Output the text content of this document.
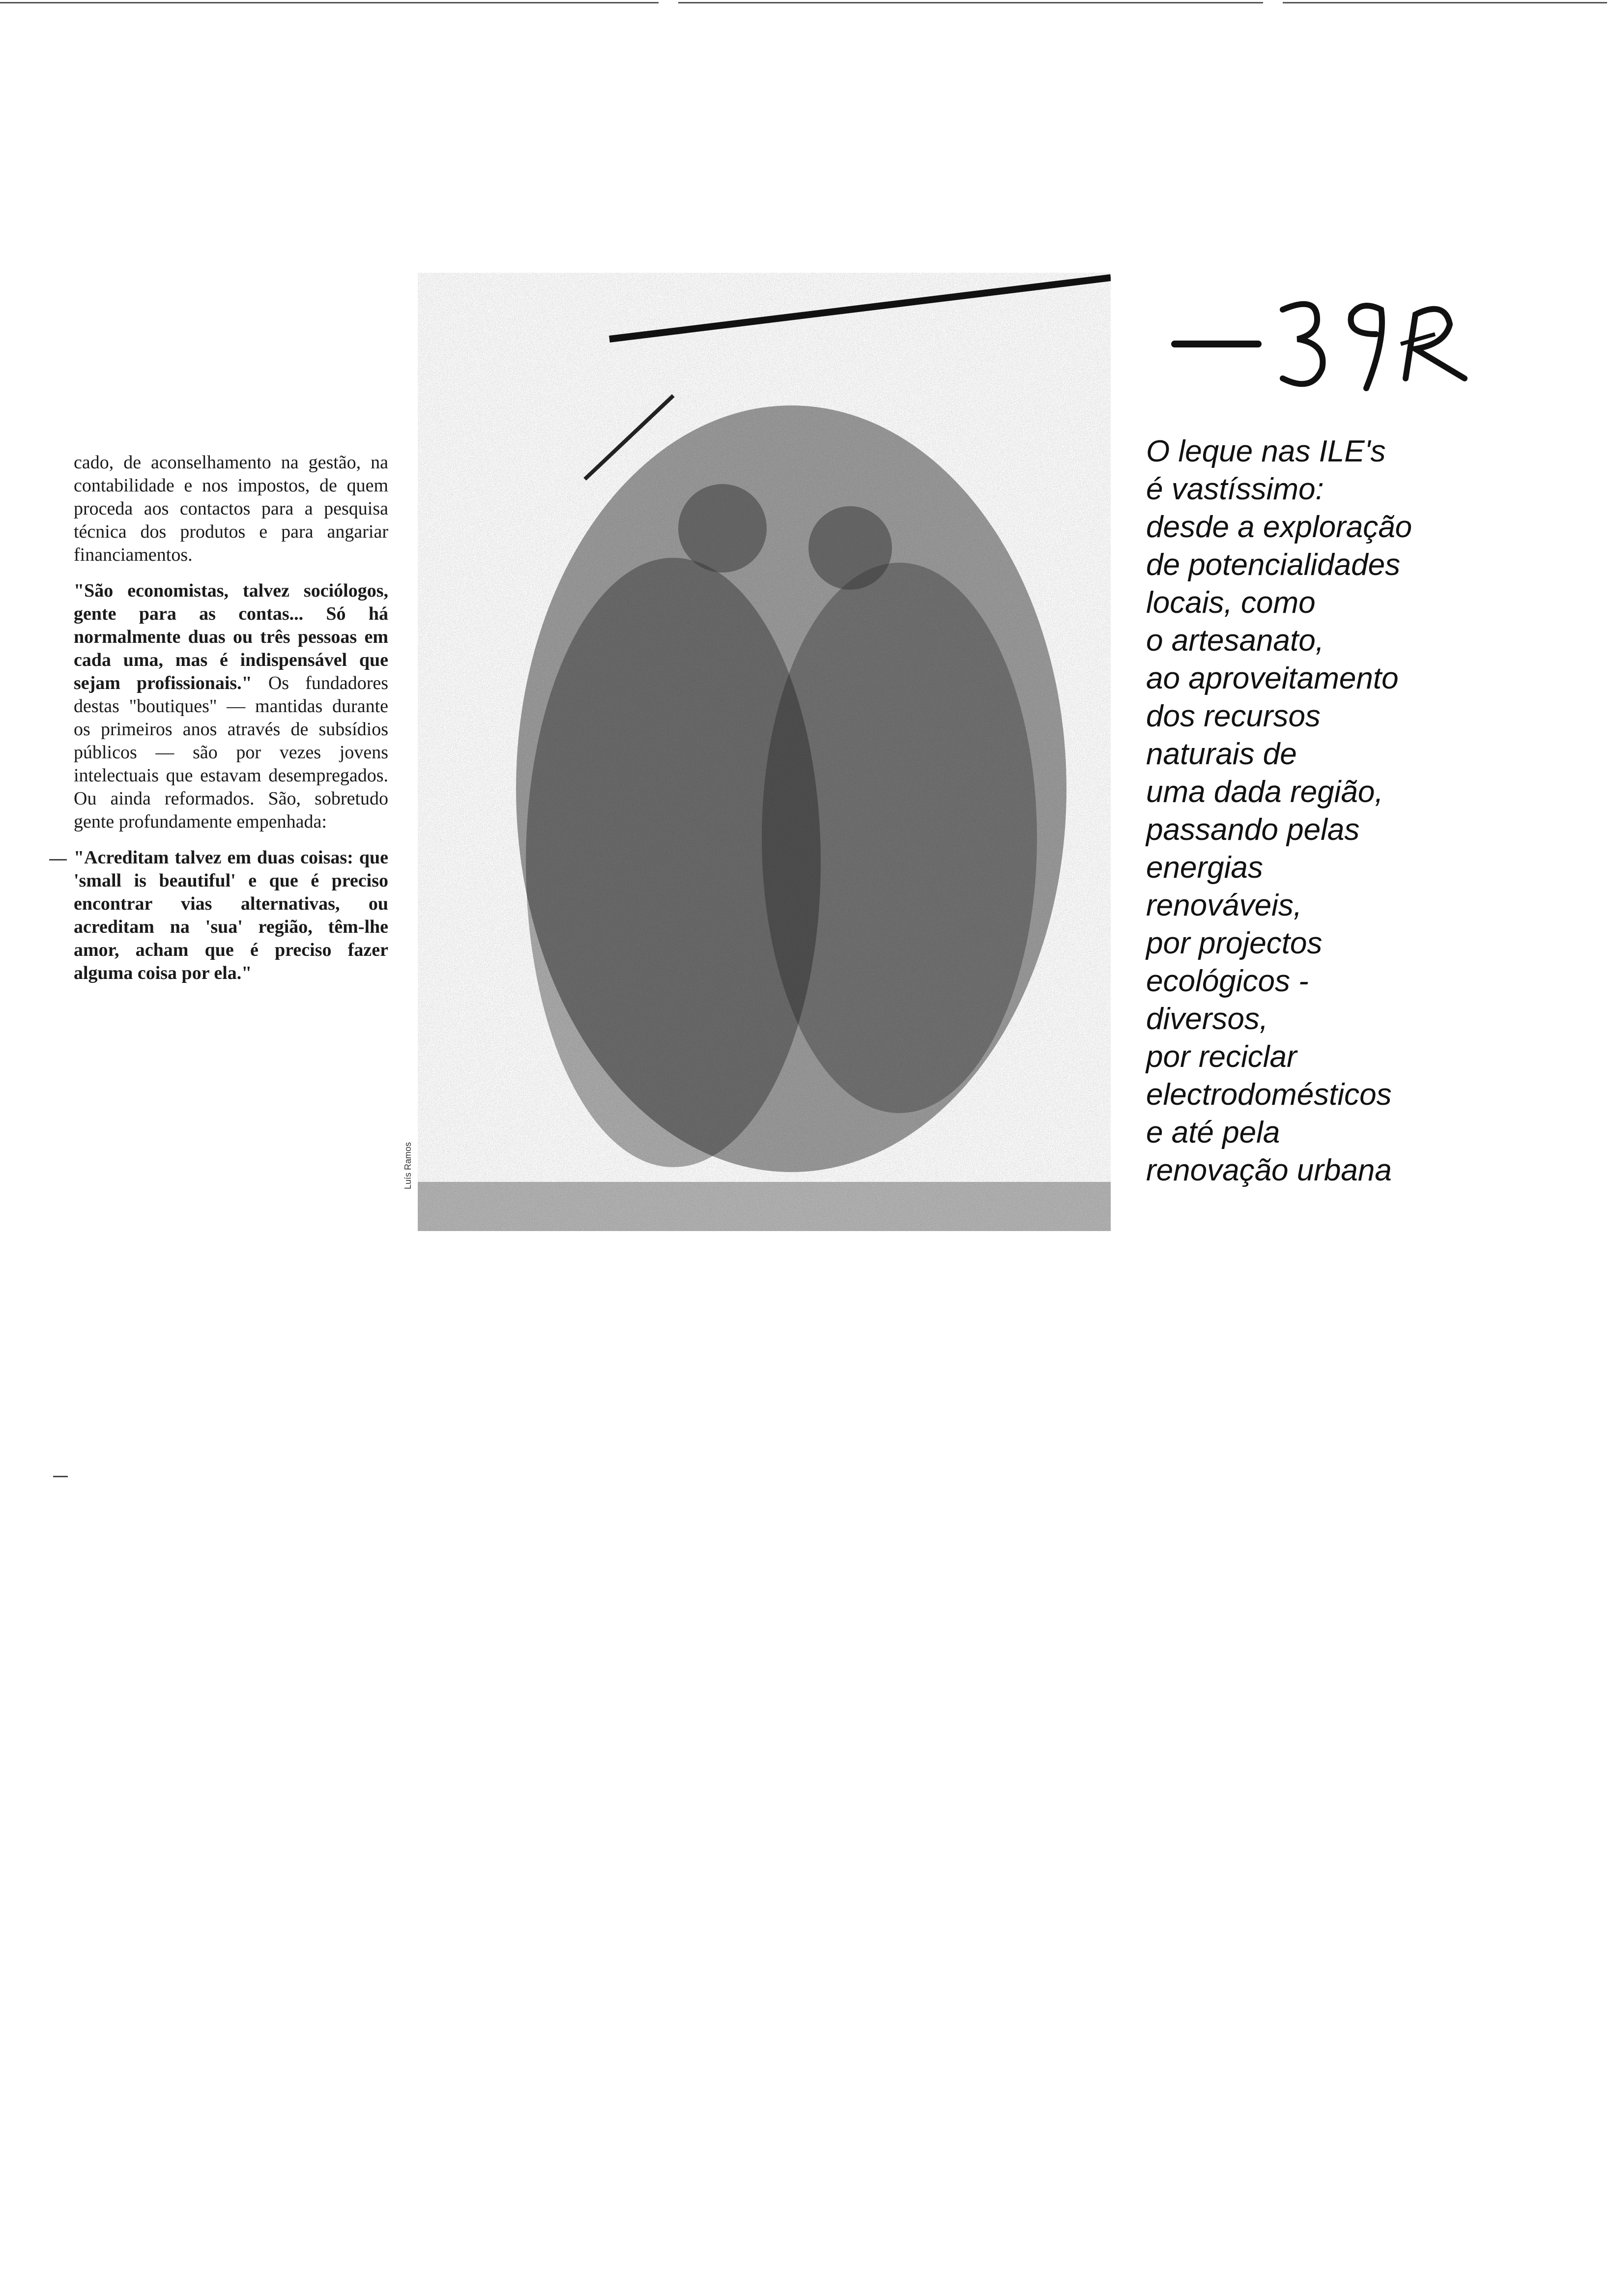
cado, de aconselhamento na gestão, na contabilidade e nos impostos, de quem proceda aos contactos para a pesquisa técnica dos produtos e para angariar financiamentos.

"São economistas, talvez sociólogos, gente para as contas... Só há normalmente duas ou três pessoas em cada uma, mas é indispensável que sejam profissionais." Os fundadores destas "boutiques" — mantidas durante os primeiros anos através de subsídios públicos — são por vezes jovens intelectuais que estavam desempregados. Ou ainda reformados. São, sobretudo gente profundamente empenhada:

"Acreditam talvez em duas coisas: que 'small is beautiful' e que é preciso encontrar vias alternativas, ou acreditam na 'sua' região, têm-lhe amor, acham que é preciso fazer alguma coisa por ela."

Luís Ramos
O leque nas ILE's
é vastíssimo:
desde a exploração
de potencialidades
locais, como
o artesanato,
ao aproveitamento
dos recursos
naturais de
uma dada região,
passando pelas
energias
renováveis,
por projectos
ecológicos -
diversos,
por reciclar
electrodomésticos
e até pela
renovação urbana
